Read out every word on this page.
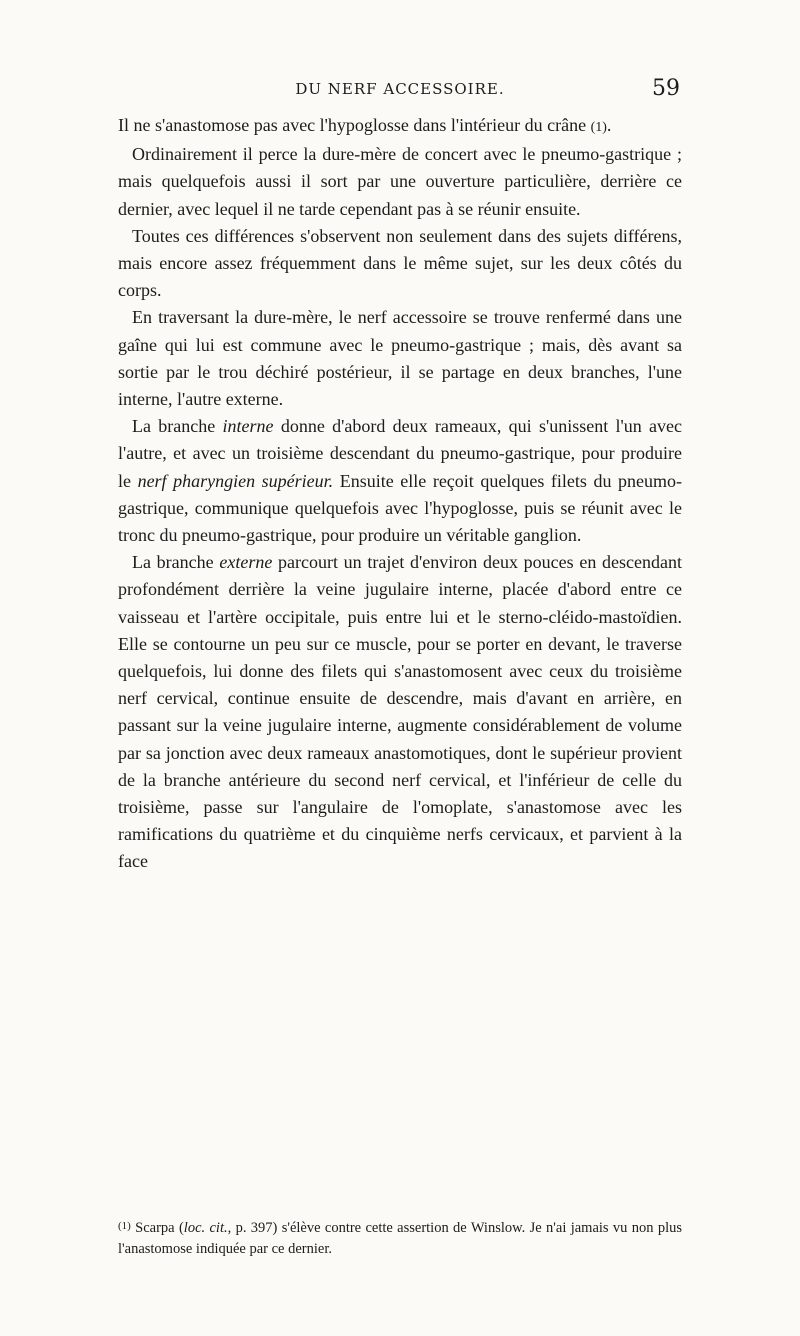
DU NERF ACCESSOIRE.	59

Il ne s'anastomose pas avec l'hypoglosse dans l'intérieur du crâne (1).

Ordinairement il perce la dure-mère de concert avec le pneumo-gastrique ; mais quelquefois aussi il sort par une ouverture particulière, derrière ce dernier, avec lequel il ne tarde cependant pas à se réunir ensuite.

Toutes ces différences s'observent non seulement dans des sujets différens, mais encore assez fréquemment dans le même sujet, sur les deux côtés du corps.

En traversant la dure-mère, le nerf accessoire se trouve renfermé dans une gaîne qui lui est commune avec le pneumo-gastrique ; mais, dès avant sa sortie par le trou déchiré postérieur, il se partage en deux branches, l'une interne, l'autre externe.

La branche interne donne d'abord deux rameaux, qui s'unissent l'un avec l'autre, et avec un troisième descendant du pneumo-gastrique, pour produire le nerf pharyngien supérieur. Ensuite elle reçoit quelques filets du pneumo-gastrique, communique quelquefois avec l'hypoglosse, puis se réunit avec le tronc du pneumo-gastrique, pour produire un véritable ganglion.

La branche externe parcourt un trajet d'environ deux pouces en descendant profondément derrière la veine jugulaire interne, placée d'abord entre ce vaisseau et l'artère occipitale, puis entre lui et le sterno-cléido-mastoïdien. Elle se contourne un peu sur ce muscle, pour se porter en devant, le traverse quelquefois, lui donne des filets qui s'anastomosent avec ceux du troisième nerf cervical, continue ensuite de descendre, mais d'avant en arrière, en passant sur la veine jugulaire interne, augmente considérablement de volume par sa jonction avec deux rameaux anastomotiques, dont le supérieur provient de la branche antérieure du second nerf cervical, et l'inférieur de celle du troisième, passe sur l'angulaire de l'omoplate, s'anastomose avec les ramifications du quatrième et du cinquième nerfs cervicaux, et parvient à la face

$^{(1)}$ Scarpa (loc. cit., p. 397) s'élève contre cette assertion de Winslow. Je n'ai jamais vu non plus l'anastomose indiquée par ce dernier.
